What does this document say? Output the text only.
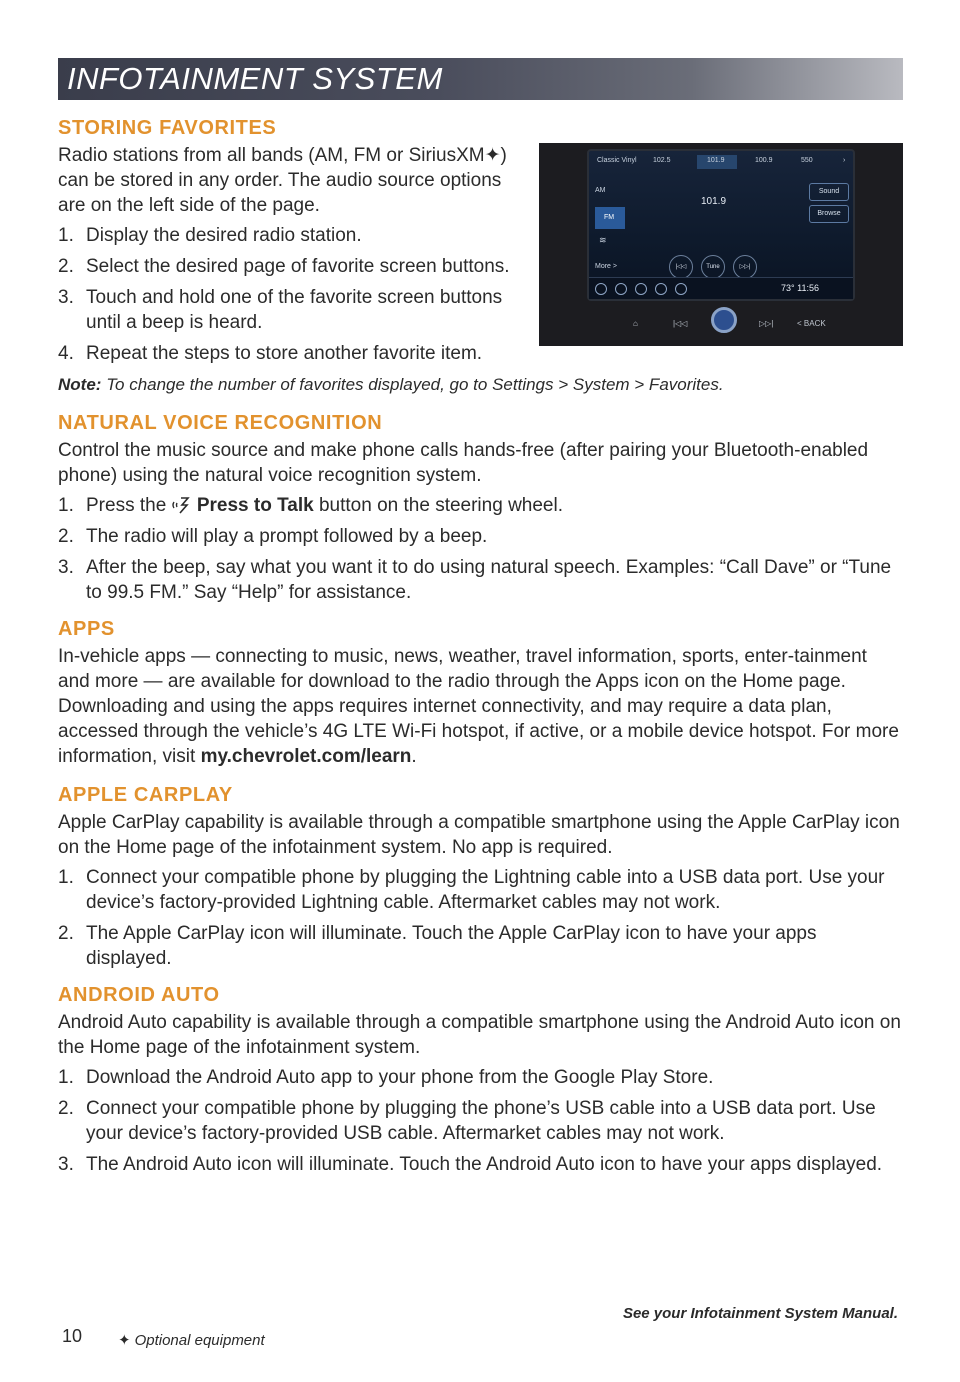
INFOTAINMENT SYSTEM
Classic Vinyl 102.5	101.9	100.9	550	›
AM
FM
≋
More >
101.9
Sound
Browse
|◁◁	Tune	▷▷|
73° 11:56
⌂	|◁◁	▷▷|	< BACK
STORING FAVORITES

Radio stations from all bands (AM, FM or SiriusXM✦) can be stored in any order. The audio source options are on the left side of the page.

1. Display the desired radio station.
2. Select the desired page of favorite screen buttons.
3. Touch and hold one of the favorite screen buttons until a beep is heard.
4. Repeat the steps to store another favorite item.

Note: To change the number of favorites displayed, go to Settings > System > Favorites.

NATURAL VOICE RECOGNITION

Control the music source and make phone calls hands-free (after pairing your Bluetooth-enabled phone) using the natural voice recognition system.

1. Press the Press to Talk button on the steering wheel.
2. The radio will play a prompt followed by a beep.
3. After the beep, say what you want it to do using natural speech. Examples: “Call Dave” or “Tune to 99.5 FM.” Say “Help” for assistance.
APPS

In-vehicle apps — connecting to music, news, weather, travel information, sports, enter-tainment and more — are available for download to the radio through the Apps icon on the Home page. Downloading and using the apps requires internet connectivity, and may require a data plan, accessed through the vehicle’s 4G LTE Wi-Fi hotspot, if active, or a mobile device hotspot. For more information, visit my.chevrolet.com/learn.

APPLE CARPLAY

Apple CarPlay capability is available through a compatible smartphone using the Apple CarPlay icon on the Home page of the infotainment system. No app is required.

1. Connect your compatible phone by plugging the Lightning cable into a USB data port. Use your device’s factory-provided Lightning cable. Aftermarket cables may not work.
2. The Apple CarPlay icon will illuminate. Touch the Apple CarPlay icon to have your apps displayed.
ANDROID AUTO

Android Auto capability is available through a compatible smartphone using the Android Auto icon on the Home page of the infotainment system.

1. Download the Android Auto app to your phone from the Google Play Store.
2. Connect your compatible phone by plugging the phone’s USB cable into a USB data port. Use your device’s factory-provided USB cable. Aftermarket cables may not work.
3. The Android Auto icon will illuminate. Touch the Android Auto icon to have your apps displayed.
See your Infotainment System Manual.
10 ✦ Optional equipment
